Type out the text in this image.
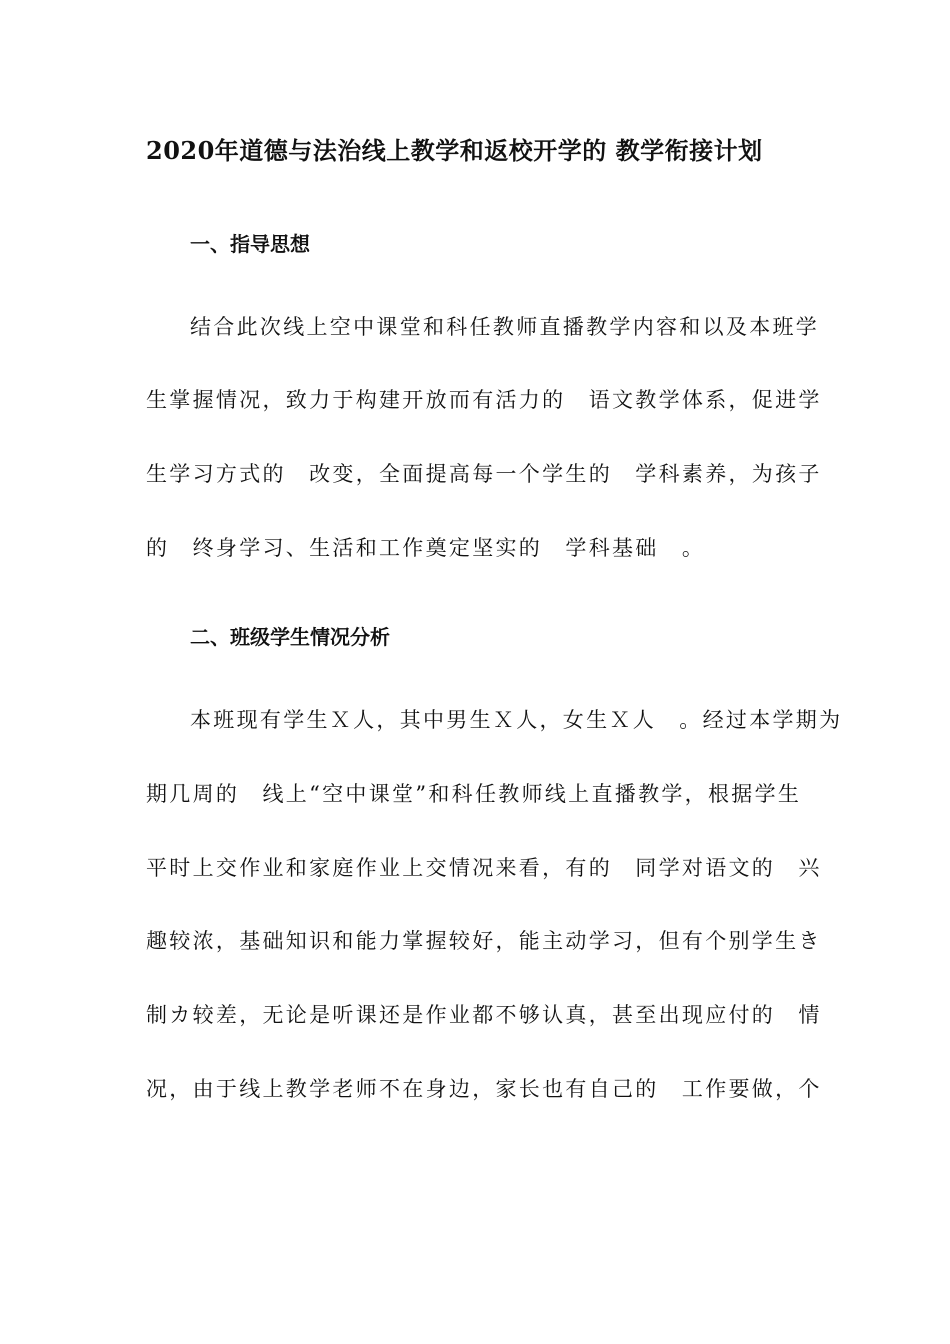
2020年道德与法治线上教学和返校开学的 教学衔接计划
一、指导思想
结合此次线上空中课堂和科任教师直播教学内容和以及本班学
生掌握情况，致力于构建开放而有活力的　语文教学体系，促进学
生学习方式的　改变，全面提高每一个学生的　学科素养，为孩子
的　终身学习、生活和工作奠定坚实的　学科基础　。
二、班级学生情况分析
本班现有学生Ｘ人，其中男生Ｘ人，女生Ｘ人　。经过本学期为
期几周的　线上“空中课堂”和科任教师线上直播教学，根据学生
平时上交作业和家庭作业上交情况来看，有的　同学对语文的　兴
趣较浓，基础知识和能力掌握较好，能主动学习，但有个别学生き
制カ较差，无论是听课还是作业都不够认真，甚至出现应付的　情
况，由于线上教学老师不在身边，家长也有自己的　工作要做，个
